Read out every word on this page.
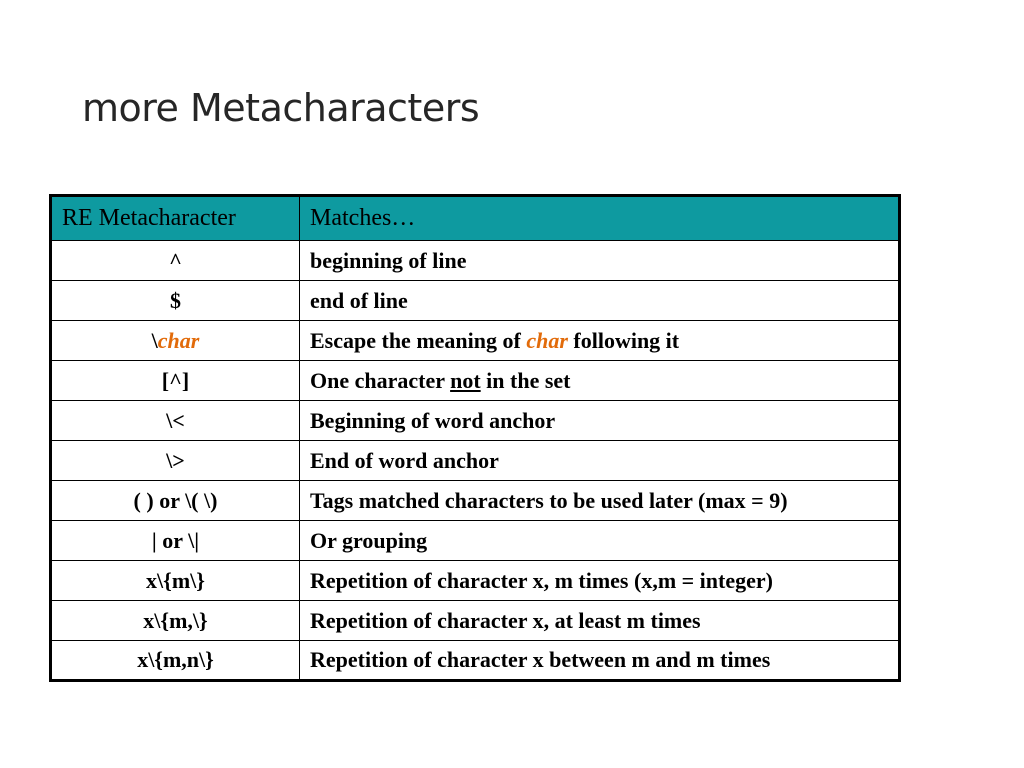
more Metacharacters
RE Metacharacter	Matches…
^	beginning of line
$	end of line
\char	Escape the meaning of char following it
[^]	One character not in the set
\<	Beginning of word anchor
\>	End of word anchor
( ) or \( \)	Tags matched characters to be used later (max = 9)
| or \|	Or grouping
x\{m\}	Repetition of character x, m times (x,m = integer)
x\{m,\}	Repetition of character x, at least m times
x\{m,n\}	Repetition of character x between m and m times
